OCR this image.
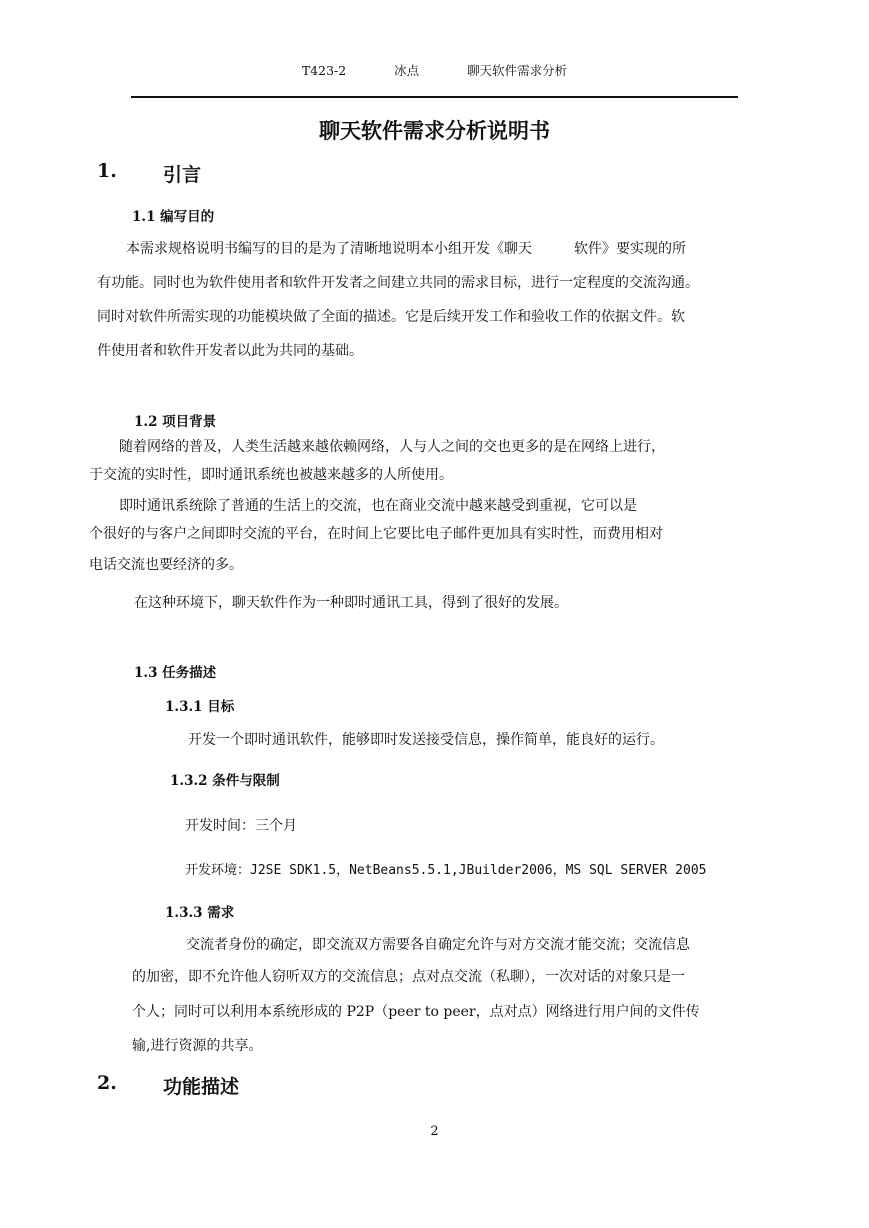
T423-2	冰点	聊天软件需求分析
聊天软件需求分析说明书
1. 引言
1.1 编写目的
本需求规格说明书编写的目的是为了清晰地说明本小组开发《聊天　　　软件》要实现的所
有功能。同时也为软件使用者和软件开发者之间建立共同的需求目标，进行一定程度的交流沟通。
同时对软件所需实现的功能模块做了全面的描述。它是后续开发工作和验收工作的依据文件。软
件使用者和软件开发者以此为共同的基础。
1.2 项目背景
随着网络的普及，人类生活越来越依赖网络，人与人之间的交也更多的是在网络上进行，
于交流的实时性，即时通讯系统也被越来越多的人所使用。
即时通讯系统除了普通的生活上的交流，也在商业交流中越来越受到重视，它可以是
个很好的与客户之间即时交流的平台，在时间上它要比电子邮件更加具有实时性，而费用相对
电话交流也要经济的多。
在这种环境下，聊天软件作为一种即时通讯工具，得到了很好的发展。
1.3 任务描述
1.3.1 目标
开发一个即时通讯软件，能够即时发送接受信息，操作简单，能良好的运行。
1.3.2 条件与限制
开发时间：三个月
开发环境：J2SE SDK1.5，NetBeans5.5.1,JBuilder2006，MS SQL SERVER 2005
1.3.3 需求
交流者身份的确定，即交流双方需要各自确定允许与对方交流才能交流；交流信息
的加密，即不允许他人窃听双方的交流信息；点对点交流（私聊），一次对话的对象只是一
个人；同时可以利用本系统形成的 P2P（peer to peer，点对点）网络进行用户间的文件传
输,进行资源的共享。
2. 功能描述
2
